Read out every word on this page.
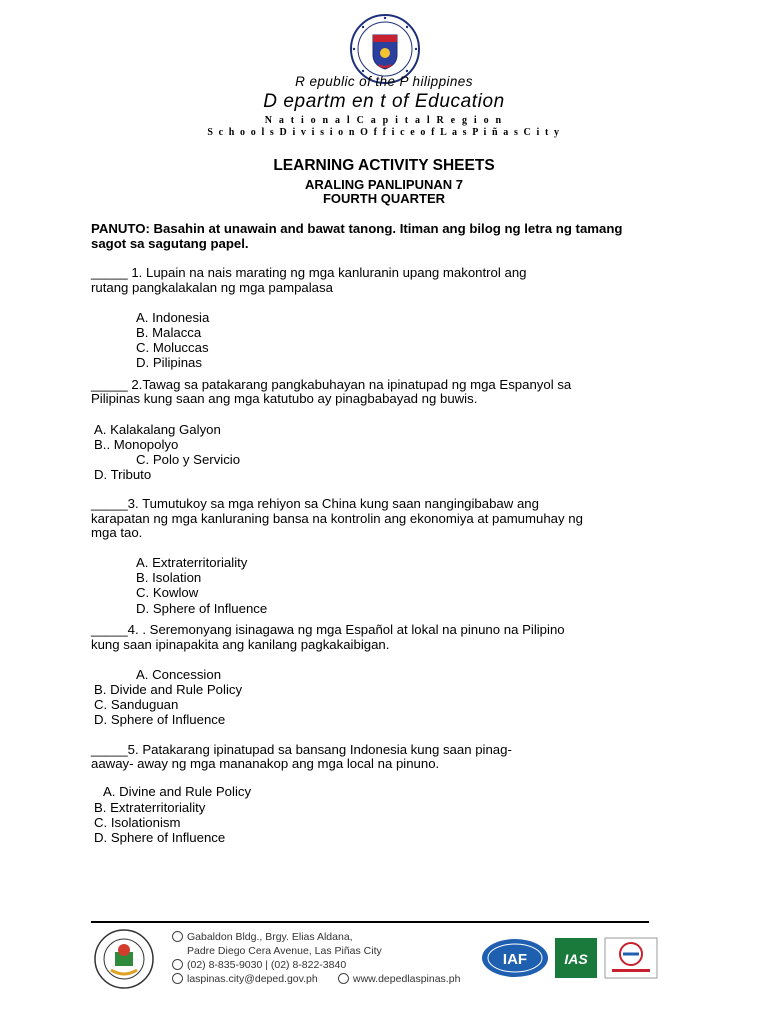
R epublic of the P hilippines
D epartm en t of Education
N a t i o n a l C a p i t a l R e g i o n
S c h o o l s D i v i s i o n O f f i c e o f L a s P i ñ a s C i t y
LEARNING ACTIVITY SHEETS
ARALING PANLIPUNAN 7
FOURTH QUARTER
PANUTO: Basahin at unawain and bawat tanong. Itiman ang bilog ng letra ng tamang sagot sa sagutang papel.
_____ 1. Lupain na nais marating ng mga kanluranin upang makontrol ang
rutang pangkalakalan ng mga pampalasa
A. Indonesia
B. Malacca
C. Moluccas
D. Pilipinas
_____ 2.Tawag sa patakarang pangkabuhayan na ipinatupad ng mga Espanyol sa
Pilipinas kung saan ang mga katutubo ay pinagbabayad ng buwis.
A. Kalakalang Galyon
B.. Monopolyo
C. Polo y Servicio
D. Tributo
_____3. Tumutukoy sa mga rehiyon sa China kung saan nangingibabaw ang
karapatan ng mga kanluraning bansa na kontrolin ang ekonomiya at pamumuhay ng
mga tao.
A. Extraterritoriality
B. Isolation
C. Kowlow
D. Sphere of Influence
_____4. . Seremonyang isinagawa ng mga Español at lokal na pinuno na Pilipino
kung saan ipinapakita ang kanilang pagkakaibigan.
A. Concession
B. Divide and Rule Policy
C. Sanduguan
D. Sphere of Influence
_____5. Patakarang ipinatupad sa bansang Indonesia kung saan pinag-
aaway- away ng mga mananakop ang mga local na pinuno.
A. Divine and Rule Policy
B. Extraterritoriality
C. Isolationism
D. Sphere of Influence
Gabaldon Bldg., Brgy. Elias Aldana,
Padre Diego Cera Avenue, Las Piñas City
(02) 8-835-9030 | (02) 8-822-3840
laspinas.city@deped.gov.ph	www.depedlaspinas.ph
IAF	IAS
